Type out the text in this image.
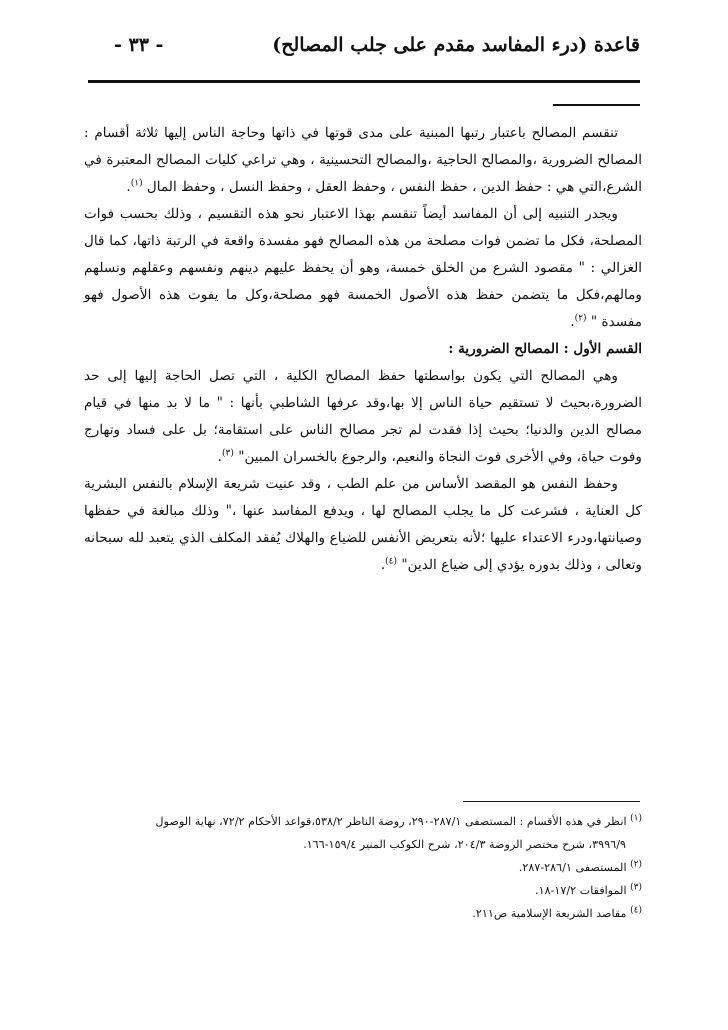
قاعدة (درء المفاسد مقدم على جلب المصالح)
- ٣٣ -

تنقسم المصالح باعتبار رتبها المبنية على مدى قوتها في ذاتها وحاجة الناس إليها ثلاثة أقسام : المصالح الضرورية ،والمصالح الحاجية ،والمصالح التحسينية ، وهي تراعي كليات المصالح المعتبرة في الشرع،التي هي : حفظ الدين ، حفظ النفس ، وحفظ العقل ، وحفظ النسل ، وحفظ المال $^{(١)}$.

ويجدر التنبيه إلى أن المفاسد أيضاً تنقسم بهذا الاعتبار نحو هذه التقسيم ، وذلك بحسب فوات المصلحة، فكل ما تضمن فوات مصلحة من هذه المصالح فهو مفسدة واقعة في الرتبة ذاتها، كما قال الغزالي : " مقصود الشرع من الخلق خمسة، وهو أن يحفظ عليهم دينهم ونفسهم وعقلهم ونسلهم ومالهم،فكل ما يتضمن حفظ هذه الأصول الخمسة فهو مصلحة،وكل ما يفوت هذه الأصول فهو مفسدة " $^{(٢)}$.

القسم الأول : المصالح الضرورية :

وهي المصالح التي يكون بواسطتها حفظ المصالح الكلية ، التي تصل الحاجة إليها إلى حد الضرورة،بحيث لا تستقيم حياة الناس إلا بها،وقد عرفها الشاطبي بأنها : " ما لا بد منها في قيام مصالح الدين والدنيا؛ بحيث إذا فقدت لم تجر مصالح الناس على استقامة؛ بل على فساد وتهارج وفوت حياة، وفي الأخرى فوت النجاة والنعيم، والرجوع بالخسران المبين" $^{(٣)}$.

وحفظ النفس هو المقصد الأساس من علم الطب ، وقد عنيت شريعة الإسلام بالنفس البشرية كل العناية ، فشرعت كل ما يجلب المصالح لها ، ويدفع المفاسد عنها ،" وذلك مبالغة في حفظها وصيانتها،ودرء الاعتداء عليها ؛لأنه بتعريض الأنفس للضياع والهلاك يُفقد المكلف الذي يتعبد لله سبحانه وتعالى ، وذلك بدوره يؤدي إلى ضياع الدين" $^{(٤)}$.

$^{(١)}$ انظر في هذه الأقسام : المستصفى ٢٨٧/١-٢٩٠، روضة الناظر ٥٣٨/٢،قواعد الأحكام ٧٢/٢، نهاية الوصول

٣٩٩٦/٩، شرح مختصر الروضة ٢٠٤/٣، شرح الكوكب المنير ١٥٩/٤-١٦٦.

$^{(٢)}$ المستصفى ٢٨٦/١-٢٨٧.

$^{(٣)}$ الموافقات ١٧/٢-١٨.

$^{(٤)}$ مقاصد الشريعة الإسلامية ص٢١١.
